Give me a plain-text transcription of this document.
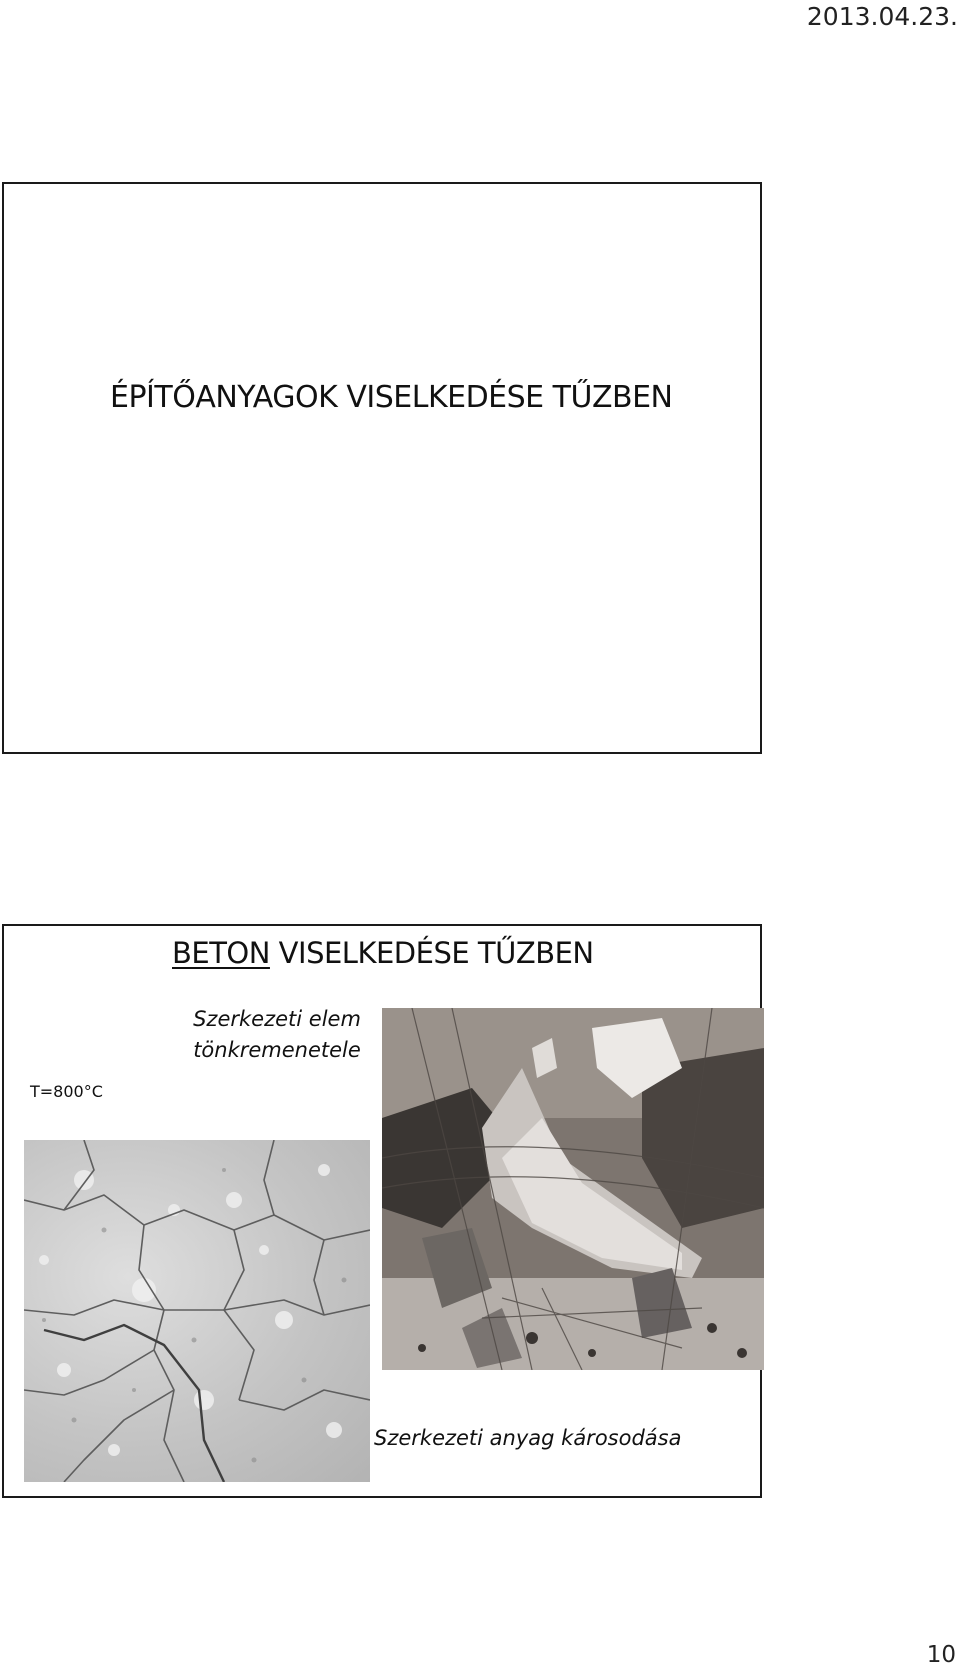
2013.04.23.
ÉPÍTŐANYAGOK VISELKEDÉSE TŰZBEN
BETON VISELKEDÉSE TŰZBEN
Szerkezeti elem
tönkremenetele
T=800°C
Szerkezeti anyag károsodása
10
